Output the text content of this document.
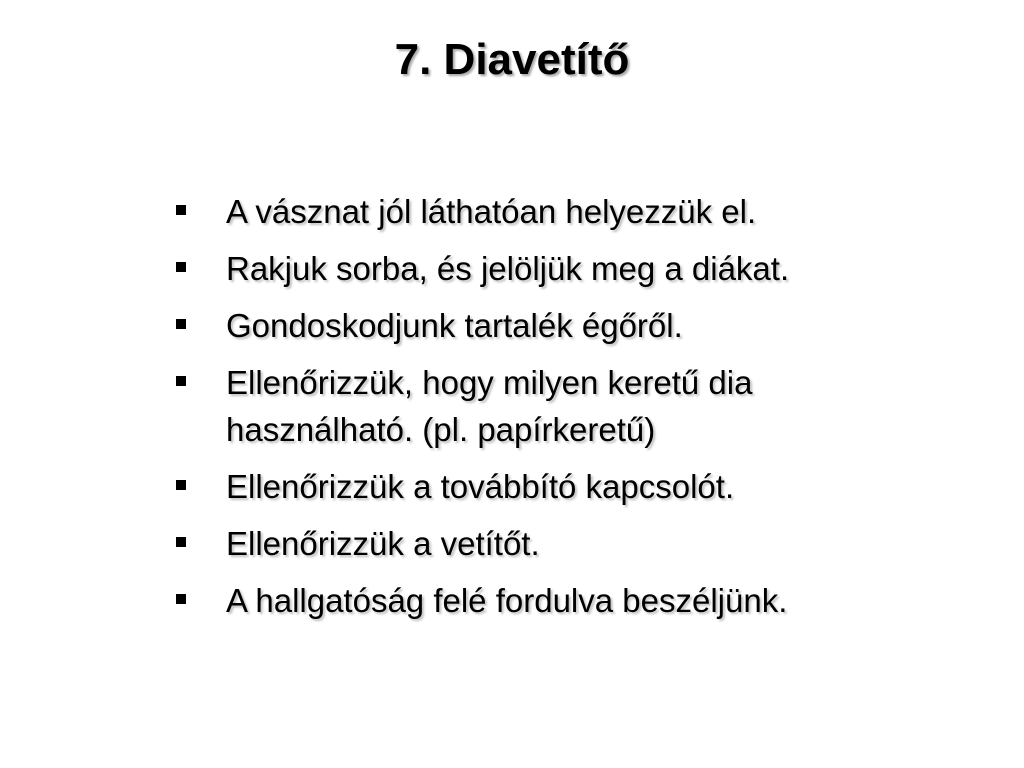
7. Diavetítő
A vásznat jól láthatóan helyezzük el.
Rakjuk sorba, és jelöljük meg a diákat.
Gondoskodjunk tartalék égőről.
Ellenőrizzük, hogy milyen keretű dia használható. (pl. papírkeretű)
Ellenőrizzük a továbbító kapcsolót.
Ellenőrizzük a vetítőt.
A hallgatóság felé fordulva beszéljünk.
